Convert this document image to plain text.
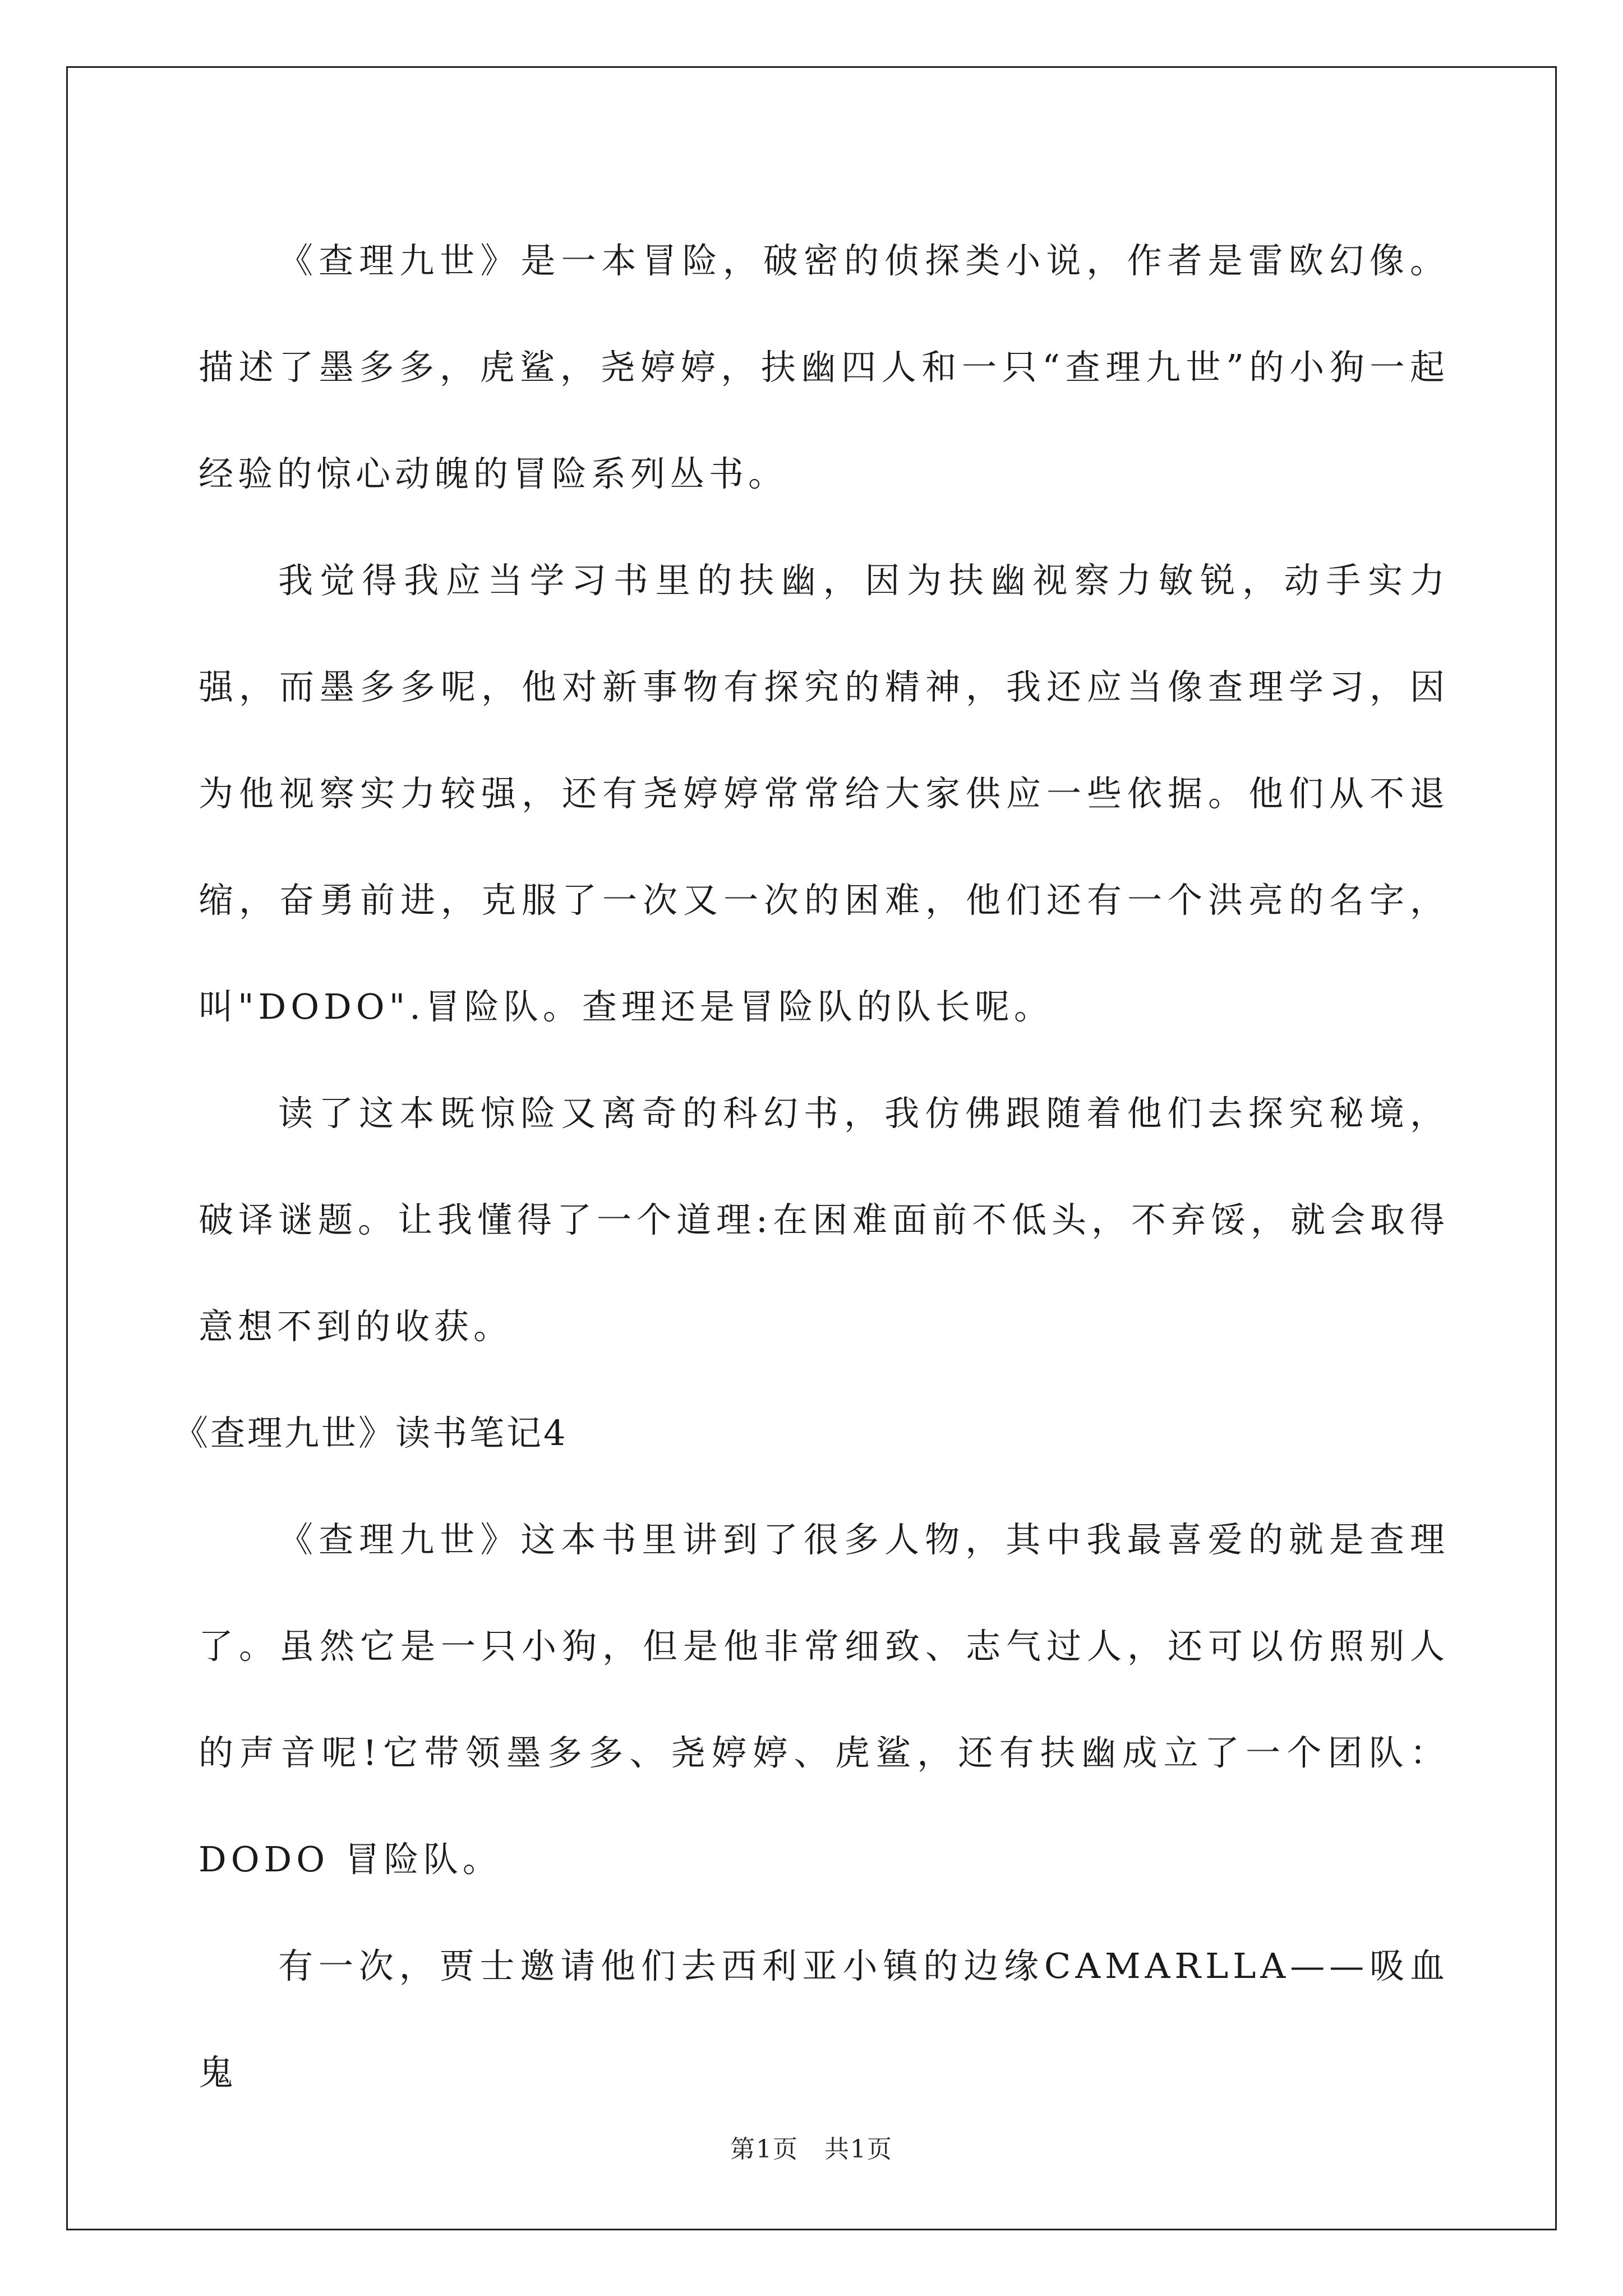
《查理九世》是一本冒险，破密的侦探类小说，作者是雷欧幻像。描述了墨多多，虎鲨，尧婷婷，扶幽四人和一只“查理九世”的小狗一起经验的惊心动魄的冒险系列丛书。

我觉得我应当学习书里的扶幽，因为扶幽视察力敏锐，动手实力强，而墨多多呢，他对新事物有探究的精神，我还应当像查理学习，因为他视察实力较强，还有尧婷婷常常给大家供应一些依据。他们从不退缩，奋勇前进，克服了一次又一次的困难，他们还有一个洪亮的名字，叫"DODO".冒险队。查理还是冒险队的队长呢。

读了这本既惊险又离奇的科幻书，我仿佛跟随着他们去探究秘境，破译谜题。让我懂得了一个道理:在困难面前不低头，不弃馁，就会取得意想不到的收获。

《查理九世》读书笔记4

《查理九世》这本书里讲到了很多人物，其中我最喜爱的就是查理了。虽然它是一只小狗，但是他非常细致、志气过人，还可以仿照别人的声音呢!它带领墨多多、尧婷婷、虎鲨，还有扶幽成立了一个团队：DODO 冒险队。

有一次，贾士邀请他们去西利亚小镇的边缘CAMARLLA——吸血鬼

第1页　共1页
